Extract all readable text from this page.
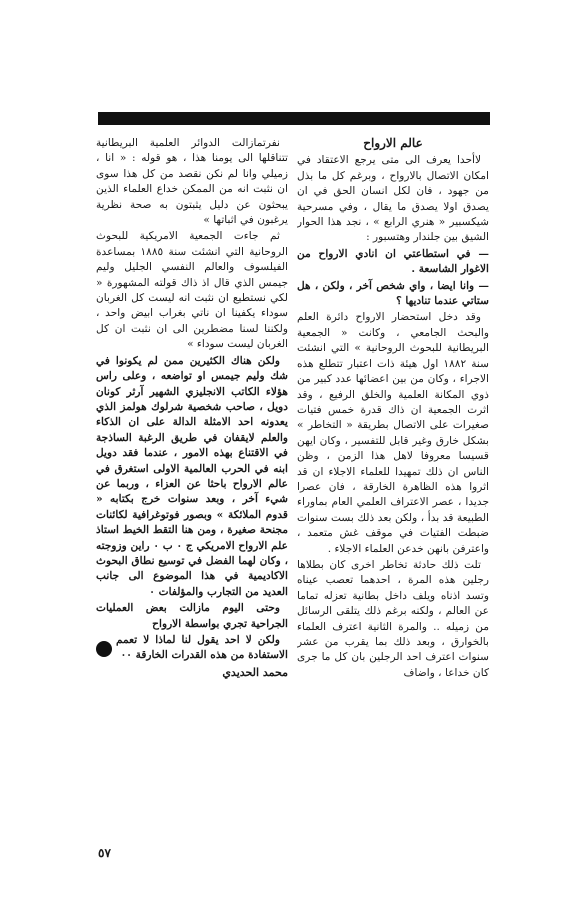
عالم الارواح

لاأحدا يعرف الى متى يرجع الاعتقاد في امكان الاتصال بالارواح ، وبرغم كل ما بذل من جهود ، فان لكل انسان الحق في ان يصدق اولا يصدق ما يقال ، وفي مسرحية شيكسبير « هنري الرابع » ، نجد هذا الحوار الشيق بين جلندار وهتسبور :

— في استطاعتي ان انادي الارواح من الاغوار الشاسعة .

— وانا ايضا ، واي شخص آخر ، ولكن ، هل ستاتي عندما تناديها ؟

وقد دخل استحضار الارواح دائرة العلم والبحث الجامعي ، وكانت « الجمعية البريطانية للبحوث الروحانية » التي انشئت سنة ١٨٨٢ اول هيئة ذات اعتبار تتطلع هذه الاجراء ، وكان من بين اعضائها عدد كبير من ذوي المكانة العلمية والخلق الرفيع ، وقد اثرت الجمعية ان ذاك قدرة خمس فتيات صغيرات على الاتصال بطريقة « التخاطر » بشكل خارق وغير قابل للتفسير ، وكان ايهن قسيسا معروفا لاهل هذا الزمن ، وظن الناس ان ذلك تمهيدا للعلماء الاجلاء ان قد اثروا هذه الظاهرة الخارقة ، فان عصرا جديدا ، عصر الاعتراف العلمي العام بماوراء الطبيعة قد بدأ ، ولكن بعد ذلك بست سنوات ضبطت الفتيات في موقف غش متعمد ، واعترفن بانهن خدعن العلماء الاجلاء .

تلت ذلك حادثة تخاطر اخرى كان بطلاها رجلين هذه المرة ، احدهما تعصب عيناه وتسد اذناه ويلف داخل بطانية تعزله تماما عن العالم ، ولكنه برغم ذلك يتلقى الرسائل من زميله .. والمرة الثانية اعترف العلماء بالخوارق ، وبعد ذلك بما يقرب من عشر سنوات اعترف احد الرجلين بان كل ما جرى كان خداعا ، واضاف

نفرتمازالت الدوائر العلمية البريطانية تتناقلها الى يومنا هذا ، هو قوله : « انا ، زميلي وانا لم نكن نقصد من كل هذا سوى ان نثبت انه من الممكن خداع العلماء الذين يبحثون عن دليل يثبتون به صحة نظرية يرغبون في اثباتها »

ثم جاءت الجمعية الامريكية للبحوث الروحانية التي انشئت سنة ١٨٨٥ بمساعدة الفيلسوف والعالم النفسي الجليل وليم جيمس الذي قال اذ ذاك قولته المشهورة « لكي نستطيع ان نثبت انه ليست كل الغربان سوداء يكفينا ان ناتي بغراب ابيض واحد ، ولكننا لسنا مضطرين الى ان نثبت ان كل الغربان ليست سوداء »

ولكن هناك الكثيرين ممن لم يكونوا في شك وليم جيمس او تواضعه ، وعلى راس هؤلاء الكاتب الانجليزي الشهير آرثر كونان دويل ، صاحب شخصية شرلوك هولمز الذي يعدونه احد الامثلة الدالة على ان الذكاء والعلم لايقفان في طريق الرغبة الساذجة في الاقتناع بهذه الامور ، عندما فقد دويل ابنه في الحرب العالمية الاولى استغرق في عالم الارواح باحثا عن العزاء ، وربما عن شيء آخر ، وبعد سنوات خرج بكتابه « قدوم الملائكة » وبصور فوتوغرافية لكائنات مجنحة صغيرة ، ومن هنا التقط الخيط استاذ علم الارواح الامريكي ج ٠ ب ٠ راين وزوجته ، وكان لهما الفضل في توسيع نطاق البحوث الاكاديمية في هذا الموضوع الى جانب العديد من التجارب والمؤلفات ٠

وحتى اليوم مازالت بعض العمليات الجراحية تجري بواسطة الارواح

ولكن لا احد يقول لنا لماذا لا تعمم الاستفادة من هذه القدرات الخارقة ٠٠

محمد الحديدي

٥٧
